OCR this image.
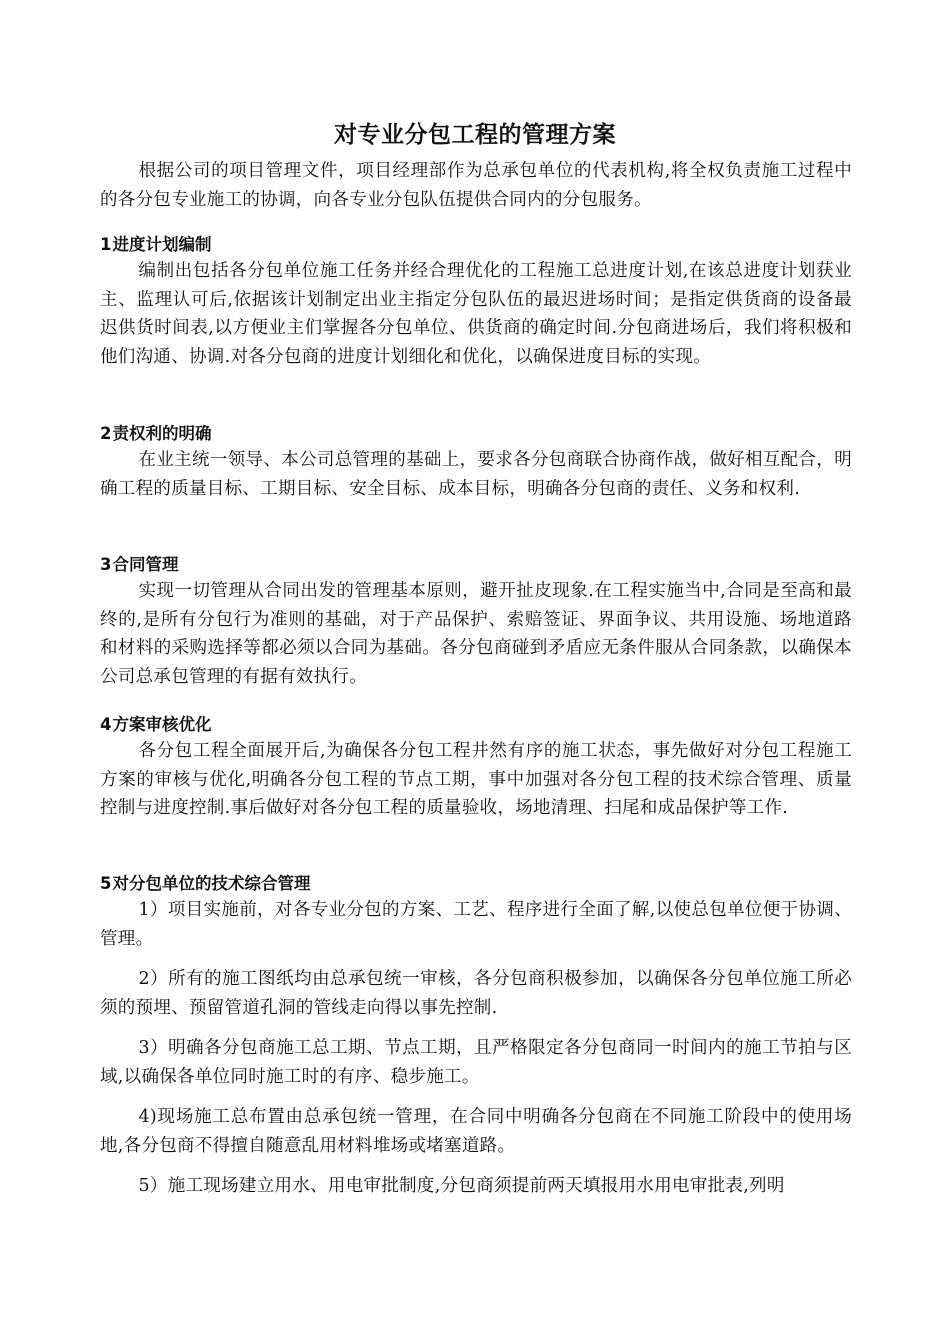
对专业分包工程的管理方案

根据公司的项目管理文件，项目经理部作为总承包单位的代表机构,将全权负责施工过程中的各分包专业施工的协调，向各专业分包队伍提供合同内的分包服务。

1进度计划编制

编制出包括各分包单位施工任务并经合理优化的工程施工总进度计划,在该总进度计划获业主、监理认可后,依据该计划制定出业主指定分包队伍的最迟进场时间；是指定供货商的设备最迟供货时间表,以方便业主们掌握各分包单位、供货商的确定时间.分包商进场后，我们将积极和他们沟通、协调.对各分包商的进度计划细化和优化，以确保进度目标的实现。

2责权利的明确

在业主统一领导、本公司总管理的基础上，要求各分包商联合协商作战，做好相互配合，明确工程的质量目标、工期目标、安全目标、成本目标，明确各分包商的责任、义务和权利.

3合同管理

实现一切管理从合同出发的管理基本原则，避开扯皮现象.在工程实施当中,合同是至高和最终的,是所有分包行为准则的基础，对于产品保护、索赔签证、界面争议、共用设施、场地道路和材料的采购选择等都必须以合同为基础。各分包商碰到矛盾应无条件服从合同条款，以确保本公司总承包管理的有据有效执行。

4方案审核优化

各分包工程全面展开后,为确保各分包工程井然有序的施工状态，事先做好对分包工程施工方案的审核与优化,明确各分包工程的节点工期，事中加强对各分包工程的技术综合管理、质量控制与进度控制.事后做好对各分包工程的质量验收，场地清理、扫尾和成品保护等工作.

5对分包单位的技术综合管理

1）项目实施前，对各专业分包的方案、工艺、程序进行全面了解,以使总包单位便于协调、管理。

2）所有的施工图纸均由总承包统一审核，各分包商积极参加，以确保各分包单位施工所必须的预埋、预留管道孔洞的管线走向得以事先控制.

3）明确各分包商施工总工期、节点工期，且严格限定各分包商同一时间内的施工节拍与区域,以确保各单位同时施工时的有序、稳步施工。

4)现场施工总布置由总承包统一管理，在合同中明确各分包商在不同施工阶段中的使用场地,各分包商不得擅自随意乱用材料堆场或堵塞道路。

5）施工现场建立用水、用电审批制度,分包商须提前两天填报用水用电审批表,列明
